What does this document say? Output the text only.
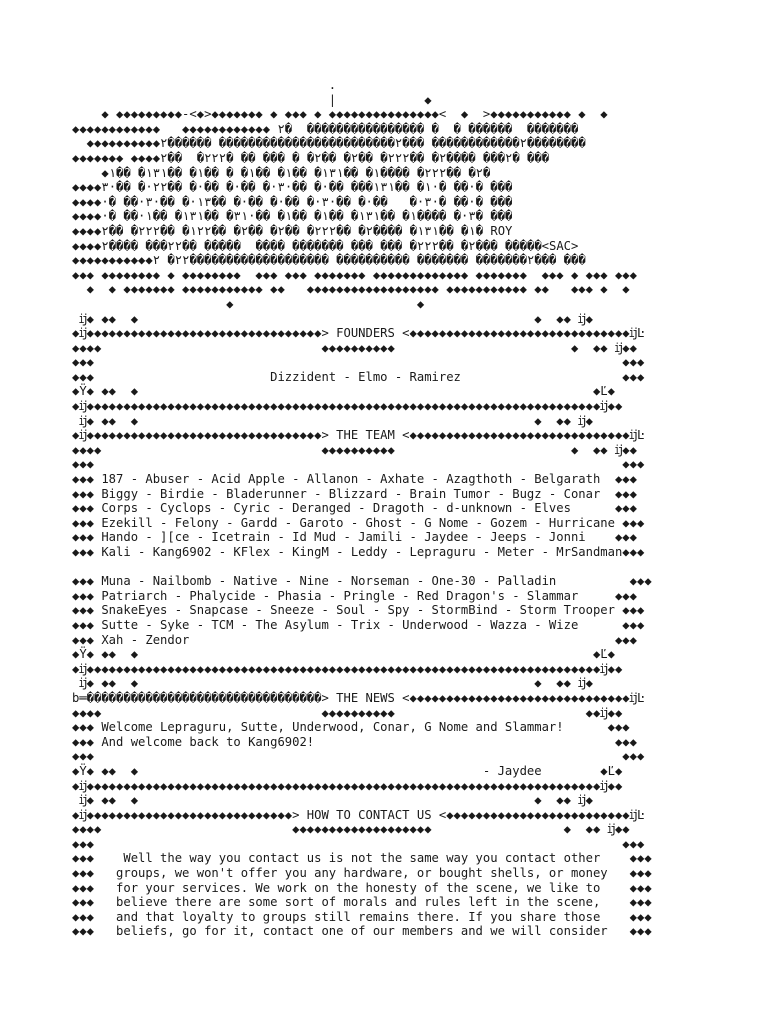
.
|            ◆
◆ ◆◆◆◆◆◆◆◆◆-<◆>◆◆◆◆◆◆◆ ◆ ◆◆◆ ◆ ◆◆◆◆◆◆◆◆◆◆◆◆◆◆◆<  ◆  >◆◆◆◆◆◆◆◆◆◆◆ ◆  ◆
◆◆◆◆◆◆◆◆◆◆◆◆   ◆◆◆◆◆◆◆◆◆◆◆◆ ٢�  ���������������� �  � ������  �������
◆◆◆◆◆◆◆◆◆◆٢������������ ���٢������������������������ ������٢��������
◆◆◆◆◆◆◆ ◆◆◆◆٢��� ����٢� ��٢٢٢� ��٢� ��٢� � ��� �� �٢٢٢�  ��٢� ���
◆٢� ��٢٢٢� ����١� ��١٣١� ��١� ��١� � ��١� ��١٣١� ��١�
◆◆◆◆١� ��١٣١��� ��·� ��·٣·� ��·� ��·� ��٢٢·� ��·٣·� ��·� ���
◆◆◆◆·� ��·٣·�   ��·� ��·٣·� ��·� ��·� ��١٣·� ��·٣·� ��·� ���
◆◆◆◆·� ��·٣·� ����١� ��١٣١� ��١� ��١� ��·٣١� ��١٣١� ��١� ���
◆◆◆◆١� ��١٣١� ����٢� ��٢٢٢� ��٢� ��٢� ��١٢٢� ��٢٢٢� ��٢� ROY
◆◆◆◆٢� ��٢٢٢� ��� ��� ������� ����  ����� ��٢٢��� ����٢��� �����<SAC>
◆◆◆◆◆◆◆◆◆◆◆٢������� ������� ���������� �������������������٢٢� ٢��� ���
◆◆◆ ◆◆◆◆◆◆◆◆ ◆ ◆◆◆◆◆◆◆◆  ◆◆◆ ◆◆◆ ◆◆◆◆◆◆◆ ◆◆◆◆◆◆◆◆◆◆◆◆◆ ◆◆◆◆◆◆◆  ◆◆◆ ◆ ◆◆◆ ◆◆◆
◆  ◆ ◆◆◆◆◆◆◆ ◆◆◆◆◆◆◆◆◆◆◆ ◆◆   ◆◆◆◆◆◆◆◆◆◆◆◆◆◆◆◆◆◆ ◆◆◆◆◆◆◆◆◆◆◆ ◆◆   ◆◆◆ ◆  ◆
◆                         ◆
ĳ◆ ◆◆  ◆                                                      ◆  ◆◆ ĳ◆
◆ĳ◆◆◆◆◆◆◆◆◆◆◆◆◆◆◆◆◆◆◆◆◆◆◆◆◆◆◆◆◆◆◆◆> FOUNDERS <◆◆◆◆◆◆◆◆◆◆◆◆◆◆◆◆◆◆◆◆◆◆◆◆◆◆◆◆◆◆ĳĿ
◆◆◆◆                              ◆◆◆◆◆◆◆◆◆◆                        ◆  ◆◆ ĳ◆◆
◆◆◆                                                                        ◆◆◆
◆◆◆                        Dizzident - Elmo - Ramirez                      ◆◆◆
◆Ÿ◆ ◆◆  ◆                                                              ◆Ľ◆
◆ĳ◆◆◆◆◆◆◆◆◆◆◆◆◆◆◆◆◆◆◆◆◆◆◆◆◆◆◆◆◆◆◆◆◆◆◆◆◆◆◆◆◆◆◆◆◆◆◆◆◆◆◆◆◆◆◆◆◆◆◆◆◆◆◆◆◆◆◆◆◆◆ĳ◆◆
ĳ◆ ◆◆  ◆                                                      ◆  ◆◆ ĳ◆
◆ĳ◆◆◆◆◆◆◆◆◆◆◆◆◆◆◆◆◆◆◆◆◆◆◆◆◆◆◆◆◆◆◆◆> THE TEAM <◆◆◆◆◆◆◆◆◆◆◆◆◆◆◆◆◆◆◆◆◆◆◆◆◆◆◆◆◆◆ĳĿ
◆◆◆◆                              ◆◆◆◆◆◆◆◆◆◆                        ◆  ◆◆ ĳ◆◆
◆◆◆                                                                        ◆◆◆
◆◆◆ 187 - Abuser - Acid Apple - Allanon - Axhate - Azagthoth - Belgarath  ◆◆◆
◆◆◆ Biggy - Birdie - Bladerunner - Blizzard - Brain Tumor - Bugz - Conar  ◆◆◆
◆◆◆ Corps - Cyclops - Cyric - Deranged - Dragoth - d-unknown - Elves      ◆◆◆
◆◆◆ Ezekill - Felony - Gardd - Garoto - Ghost - G Nome - Gozem - Hurricane ◆◆◆
◆◆◆ Hando - ][ce - Icetrain - Id Mud - Jamili - Jaydee - Jeeps - Jonni    ◆◆◆
◆◆◆ Kali - Kang6902 - KFlex - KingM - Leddy - Lepraguru - Meter - MrSandman◆◆◆
◆◆◆ Muna - Nailbomb - Native - Nine - Norseman - One-30 - Palladin          ◆◆◆
◆◆◆ Patriarch - Phalycide - Phasia - Pringle - Red Dragon's - Slammar     ◆◆◆
◆◆◆ SnakeEyes - Snapcase - Sneeze - Soul - Spy - StormBind - Storm Trooper ◆◆◆
◆◆◆ Sutte - Syke - TCM - The Asylum - Trix - Underwood - Wazza - Wize      ◆◆◆
◆◆◆ Xah - Zendor                                                          ◆◆◆
◆Ÿ◆ ◆◆  ◆                                                              ◆Ľ◆
◆ĳ◆◆◆◆◆◆◆◆◆◆◆◆◆◆◆◆◆◆◆◆◆◆◆◆◆◆◆◆◆◆◆◆◆◆◆◆◆◆◆◆◆◆◆◆◆◆◆◆◆◆◆◆◆◆◆◆◆◆◆◆◆◆◆◆◆◆◆◆◆◆ĳ◆◆
ĳ◆ ◆◆  ◆                                                      ◆  ◆◆ ĳ◆
b═��������������������������������> THE NEWS <◆◆◆◆◆◆◆◆◆◆◆◆◆◆◆◆◆◆◆◆◆◆◆◆◆◆◆◆◆◆ĳĿ
◆◆◆◆                              ◆◆◆◆◆◆◆◆◆◆                          ◆◆ĳ◆◆
◆◆◆ Welcome Lepraguru, Sutte, Underwood, Conar, G Nome and Slammar!      ◆◆◆
◆◆◆ And welcome back to Kang6902!                                         ◆◆◆
◆◆◆                                                                        ◆◆◆
◆Ÿ◆ ◆◆  ◆                                               - Jaydee        ◆Ľ◆
◆ĳ◆◆◆◆◆◆◆◆◆◆◆◆◆◆◆◆◆◆◆◆◆◆◆◆◆◆◆◆◆◆◆◆◆◆◆◆◆◆◆◆◆◆◆◆◆◆◆◆◆◆◆◆◆◆◆◆◆◆◆◆◆◆◆◆◆◆◆◆◆◆ĳ◆◆
ĳ◆ ◆◆  ◆                                                      ◆  ◆◆ ĳ◆
◆ĳ◆◆◆◆◆◆◆◆◆◆◆◆◆◆◆◆◆◆◆◆◆◆◆◆◆◆◆◆> HOW TO CONTACT US <◆◆◆◆◆◆◆◆◆◆◆◆◆◆◆◆◆◆◆◆◆◆◆◆◆ĳĿ
◆◆◆◆                          ◆◆◆◆◆◆◆◆◆◆◆◆◆◆◆◆◆◆◆                  ◆  ◆◆ ĳ◆◆
◆◆◆                                                                        ◆◆◆
◆◆◆    Well the way you contact us is not the same way you contact other    ◆◆◆
◆◆◆   groups, we won't offer you any hardware, or bought shells, or money   ◆◆◆
◆◆◆   for your services. We work on the honesty of the scene, we like to    ◆◆◆
◆◆◆   believe there are some sort of morals and rules left in the scene,    ◆◆◆
◆◆◆   and that loyalty to groups still remains there. If you share those    ◆◆◆
◆◆◆   beliefs, go for it, contact one of our members and we will consider   ◆◆◆
